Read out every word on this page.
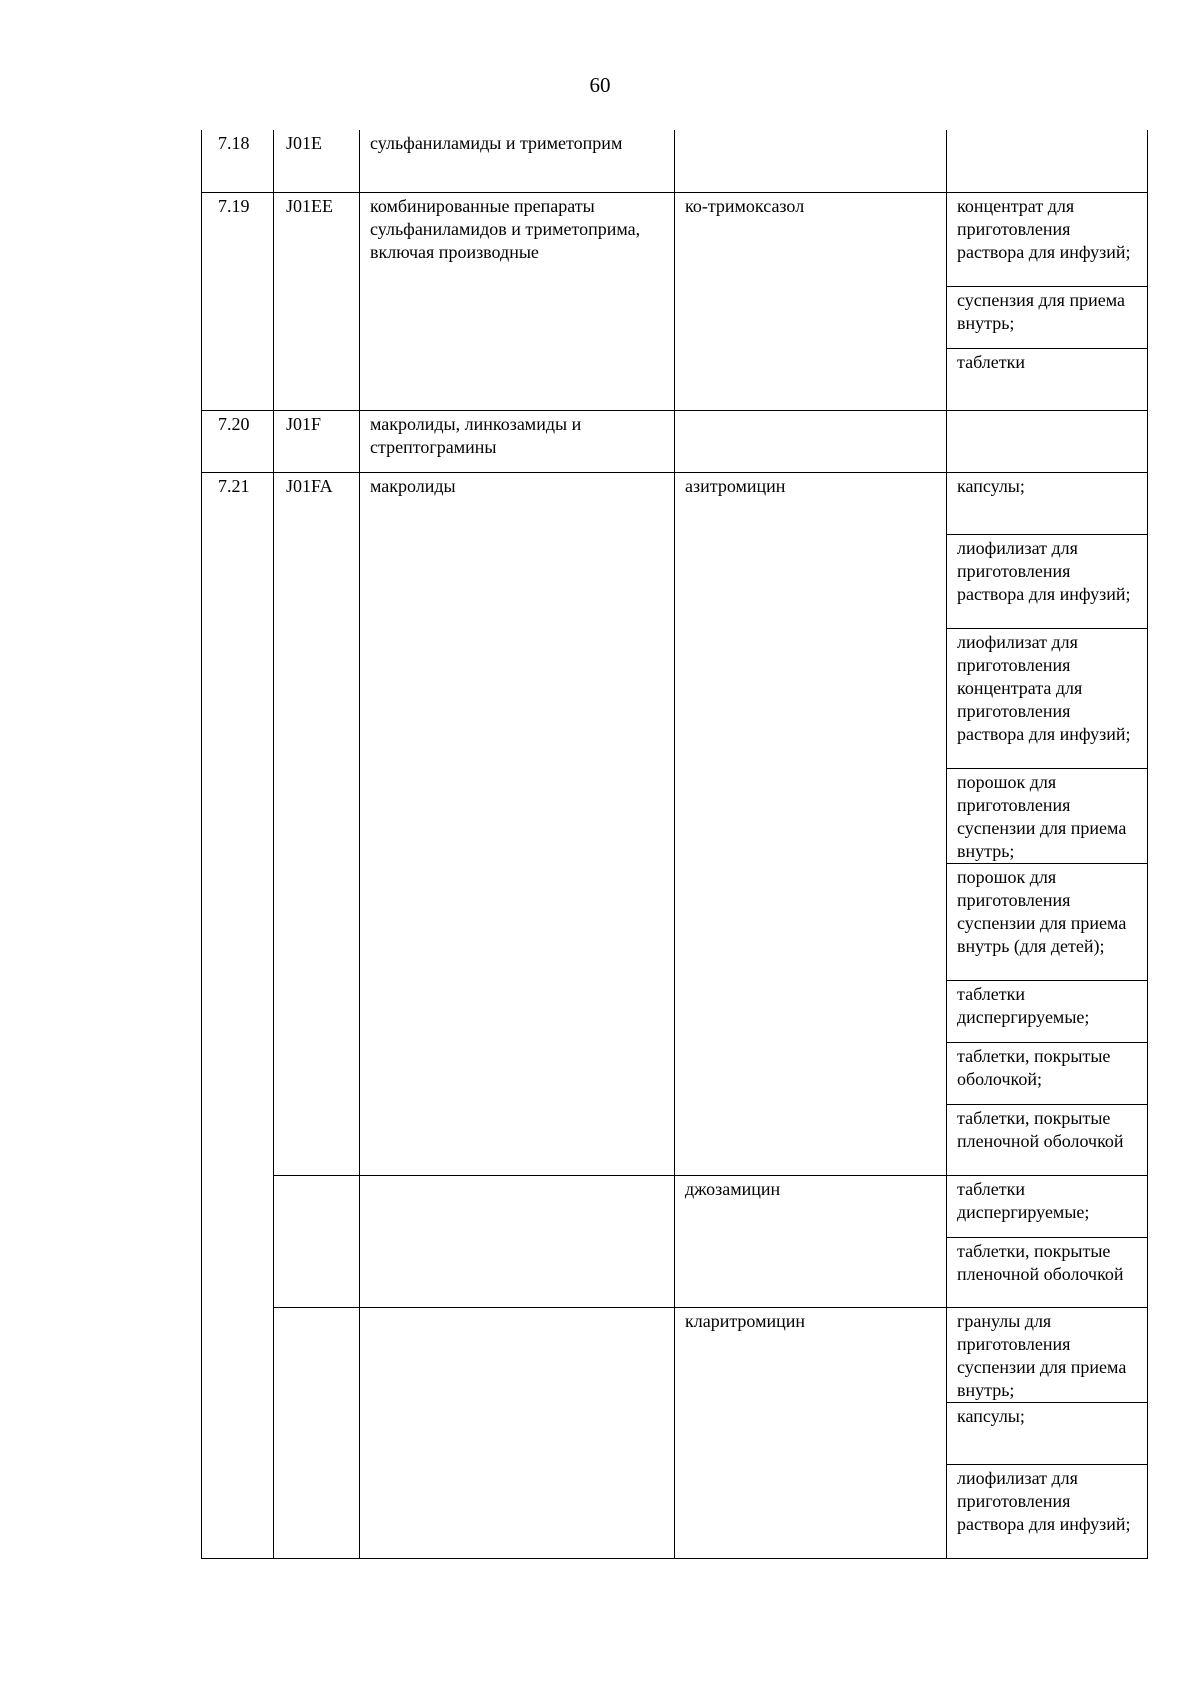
60
7.18	J01E	сульфаниламиды и триметоприм		
7.19	J01EE	комбинированные препараты сульфаниламидов и триметоприма, включая производные	ко-тримоксазол	концентрат для приготовления раствора для инфузий;
				суспензия для приема внутрь;
				таблетки
7.20	J01F	макролиды, линкозамиды и стрептограмины		
7.21	J01FA	макролиды	азитромицин	капсулы;
				лиофилизат для приготовления раствора для инфузий;
				лиофилизат для приготовления концентрата для приготовления раствора для инфузий;
				порошок для приготовления суспензии для приема внутрь;
				порошок для приготовления суспензии для приема внутрь (для детей);
				таблетки диспергируемые;
				таблетки, покрытые оболочкой;
				таблетки, покрытые пленочной оболочкой
			джозамицин	таблетки диспергируемые;
				таблетки, покрытые пленочной оболочкой
			кларитромицин	гранулы для приготовления суспензии для приема внутрь;
				капсулы;
				лиофилизат для приготовления раствора для инфузий;
